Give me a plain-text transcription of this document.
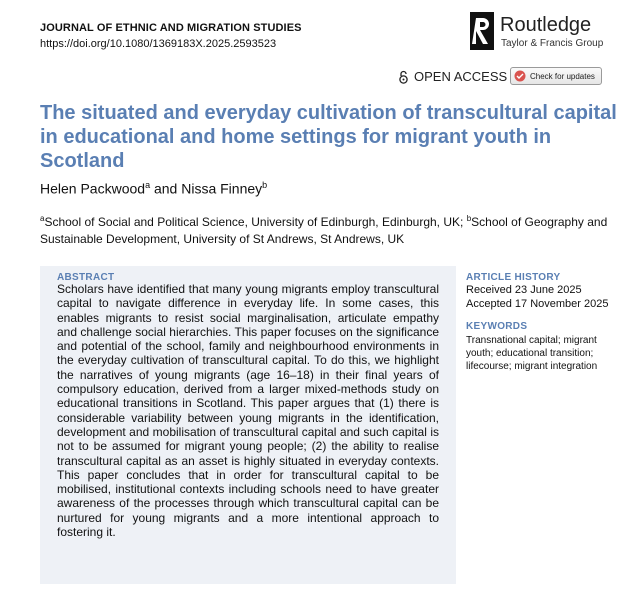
JOURNAL OF ETHNIC AND MIGRATION STUDIES
https://doi.org/10.1080/1369183X.2025.2593523
Routledge
Taylor & Francis Group
OPEN ACCESS	Check for updates
The situated and everyday cultivation of transcultural capital in educational and home settings for migrant youth in Scotland
Helen Packwood$^a$ and Nissa Finney$^b$
$^a$School of Social and Political Science, University of Edinburgh, Edinburgh, UK; $^b$School of Geography and Sustainable Development, University of St Andrews, St Andrews, UK
ABSTRACT
Scholars have identified that many young migrants employ transcultural capital to navigate difference in everyday life. In some cases, this enables migrants to resist social marginalisation, articulate empathy and challenge social hierarchies. This paper focuses on the significance and potential of the school, family and neighbourhood environments in the everyday cultivation of transcultural capital. To do this, we highlight the narratives of young migrants (age 16–18) in their final years of compulsory education, derived from a larger mixed-methods study on educational transitions in Scotland. This paper argues that (1) there is considerable variability between young migrants in the identification, development and mobilisation of transcultural capital and such capital is not to be assumed for migrant young people; (2) the ability to realise transcultural capital as an asset is highly situated in everyday contexts. This paper concludes that in order for transcultural capital to be mobilised, institutional contexts including schools need to have greater awareness of the processes through which transcultural capital can be nurtured for young migrants and a more intentional approach to fostering it.
ARTICLE HISTORY
Received 23 June 2025
Accepted 17 November 2025
KEYWORDS
Transnational capital; migrant youth; educational transition; lifecourse; migrant integration
